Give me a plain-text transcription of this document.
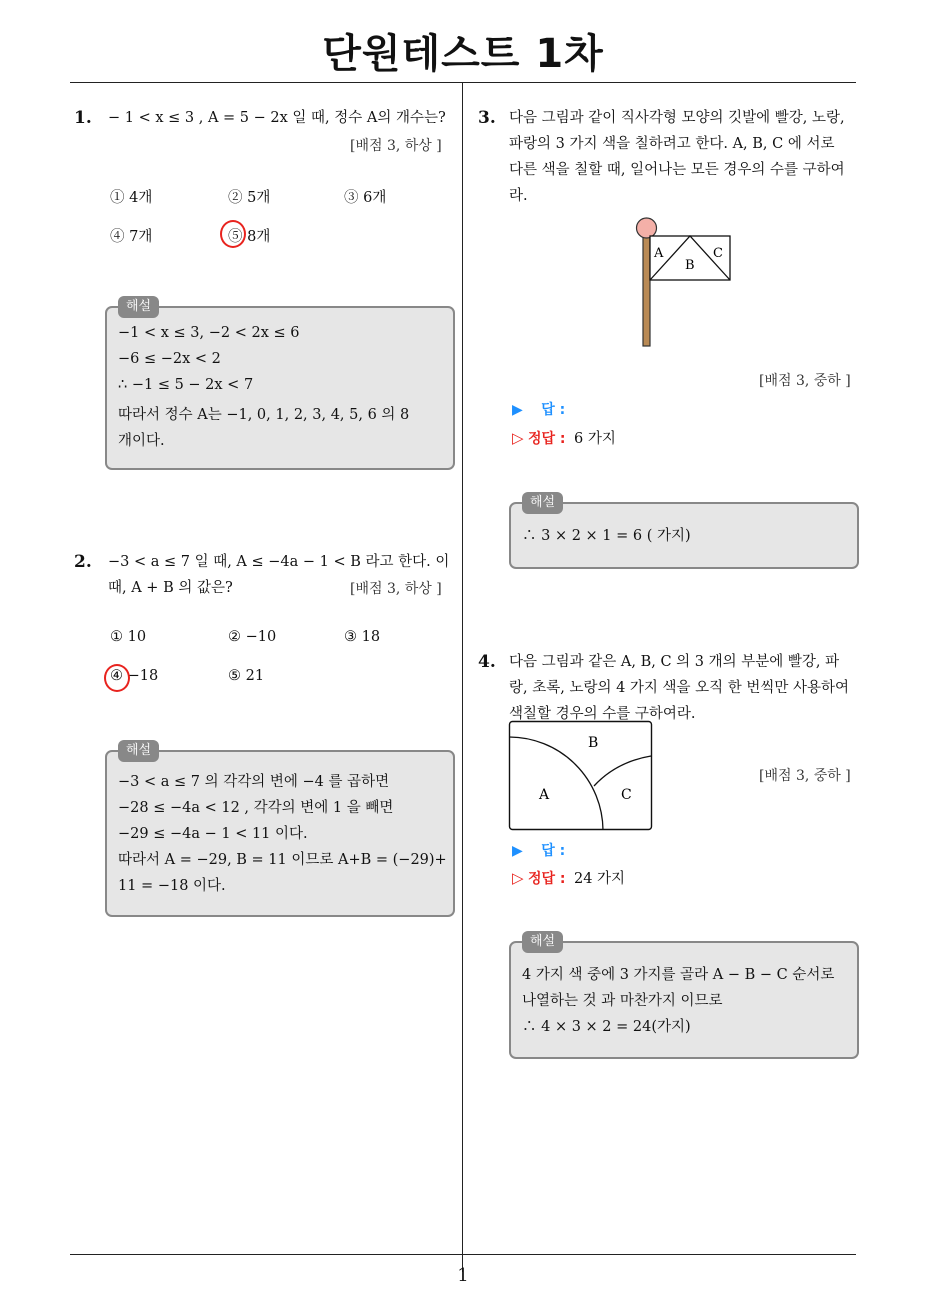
단원테스트 1차
1. − 1 < x ≤ 3 , A = 5 − 2x 일 때, 정수 A의 개수는?
[배점 3, 하상 ]
① 4개	② 5개	③ 6개
④ 7개	⑤ 8개
해설
−1 < x ≤ 3, −2 < 2x ≤ 6
−6 ≤ −2x < 2
∴ −1 ≤ 5 − 2x < 7
따라서 정수 A는 −1, 0, 1, 2, 3, 4, 5, 6 의 8
개이다.
2. −3 < a ≤ 7 일 때, A ≤ −4a − 1 < B 라고 한다. 이
때, A + B 의 값은?	[배점 3, 하상 ]
① 10	② −10	③ 18
④ −18	⑤ 21
해설
−3 < a ≤ 7 의 각각의 변에 −4 를 곱하면
−28 ≤ −4a < 12 , 각각의 변에 1 을 빼면
−29 ≤ −4a − 1 < 11 이다.
따라서 A = −29, B = 11 이므로 A+B = (−29)+
11 = −18 이다.
3. 다음 그림과 같이 직사각형 모양의 깃발에 빨강, 노랑,
파랑의 3 가지 색을 칠하려고 한다. A, B, C 에 서로
다른 색을 칠할 때, 일어나는 모든 경우의 수를 구하여
라.
A
B
C
[배점 3, 중하 ]
▶ 답 :
▷ 정답 : 6 가지
해설
∴ 3 × 2 × 1 = 6 ( 가지)
4. 다음 그림과 같은 A, B, C 의 3 개의 부분에 빨강, 파
랑, 초록, 노랑의 4 가지 색을 오직 한 번씩만 사용하여
색칠할 경우의 수를 구하여라.
B
A	C
[배점 3, 중하 ]
▶ 답 :
▷ 정답 : 24 가지
해설
4 가지 색 중에 3 가지를 골라 A − B − C 순서로
나열하는 것 과 마찬가지 이므로
∴ 4 × 3 × 2 = 24(가지)
1
